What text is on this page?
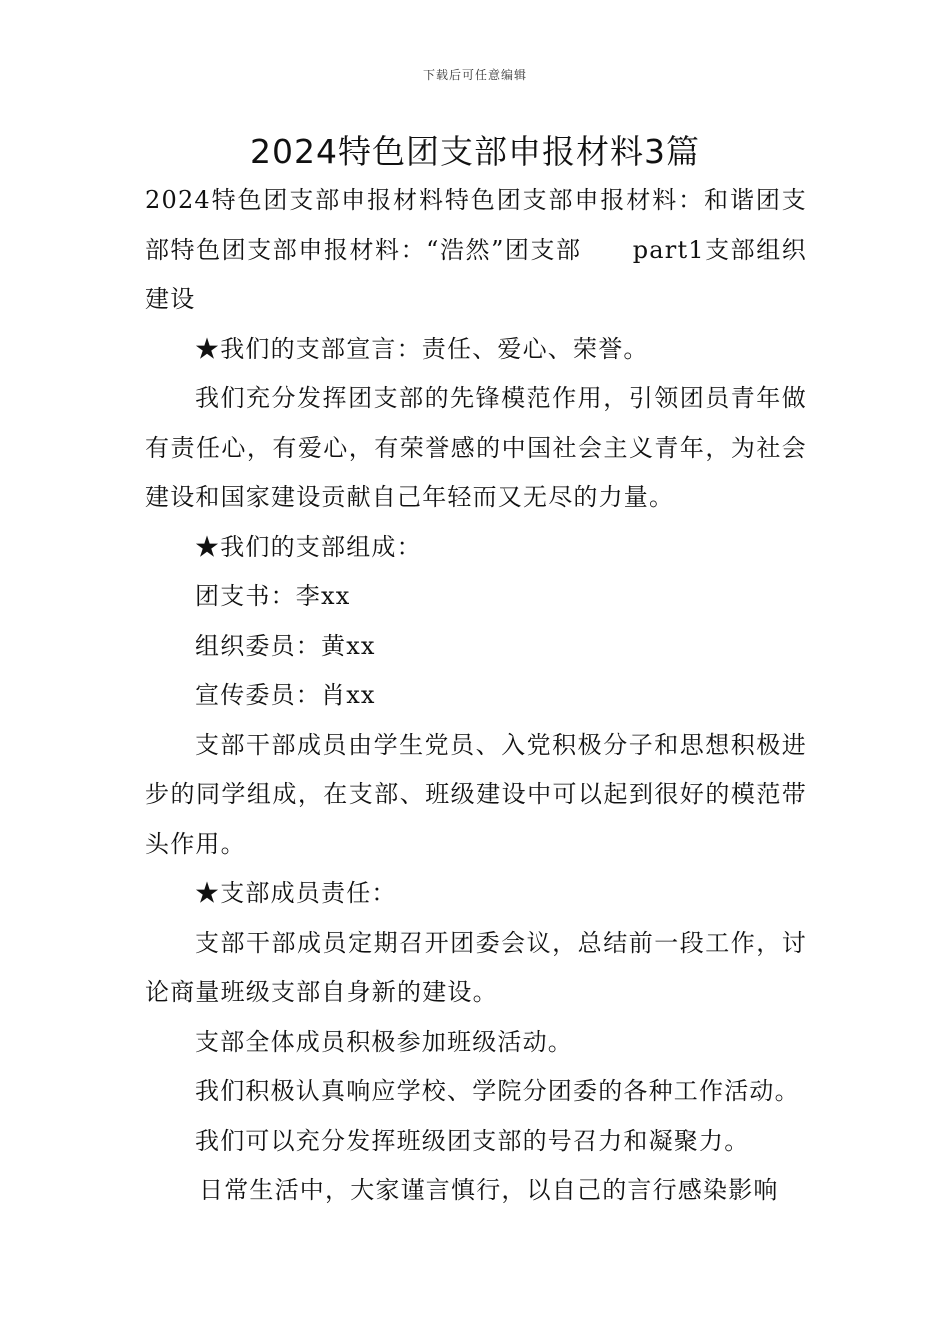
下载后可任意编辑
2024特色团支部申报材料3篇

2024特色团支部申报材料特色团支部申报材料：和谐团支部特色团支部申报材料：“浩然”团支部　　part1支部组织建设

★我们的支部宣言：责任、爱心、荣誉。

我们充分发挥团支部的先锋模范作用，引领团员青年做有责任心，有爱心，有荣誉感的中国社会主义青年，为社会建设和国家建设贡献自己年轻而又无尽的力量。

★我们的支部组成：

团支书：李xx

组织委员：黄xx

宣传委员：肖xx

支部干部成员由学生党员、入党积极分子和思想积极进步的同学组成，在支部、班级建设中可以起到很好的模范带头作用。

★支部成员责任：

支部干部成员定期召开团委会议，总结前一段工作，讨论商量班级支部自身新的建设。

支部全体成员积极参加班级活动。

我们积极认真响应学校、学院分团委的各种工作活动。

我们可以充分发挥班级团支部的号召力和凝聚力。

日常生活中，大家谨言慎行，以自己的言行感染影响
